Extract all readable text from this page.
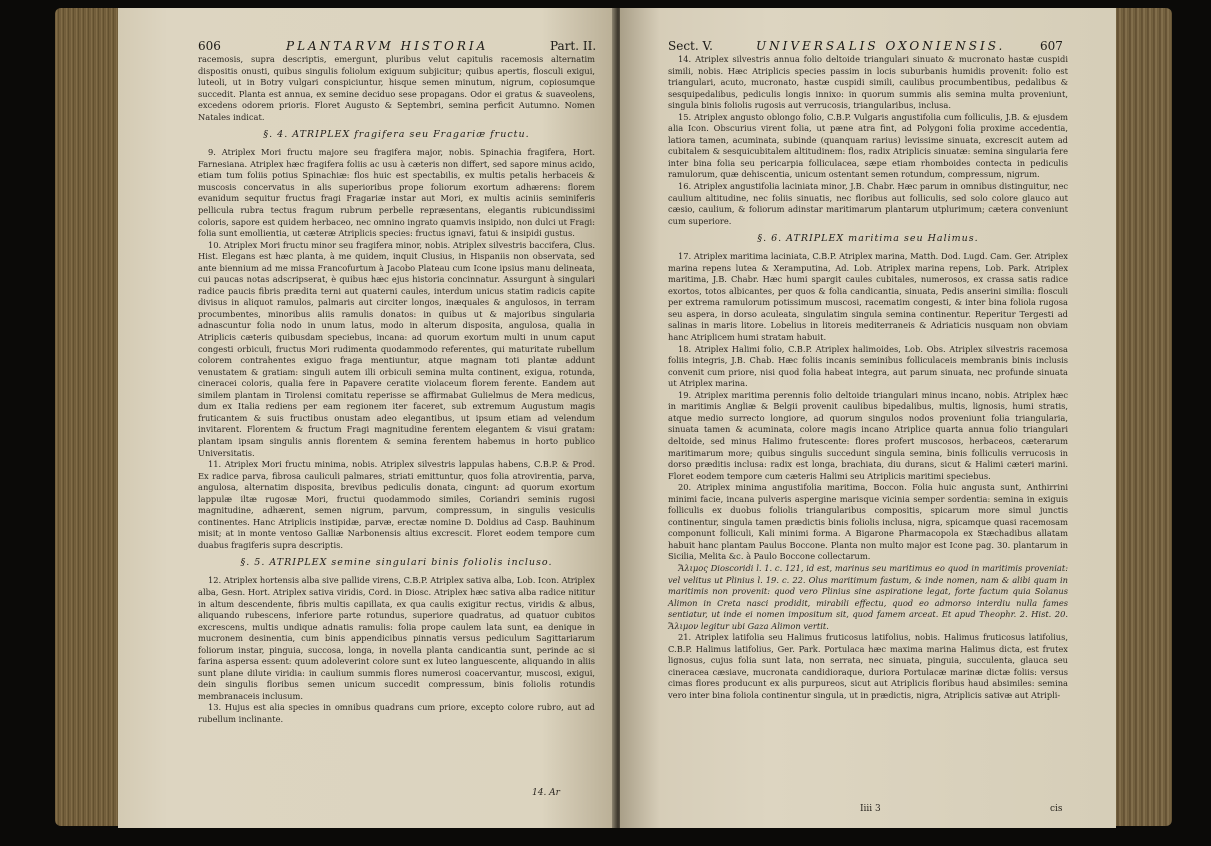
606	PLANTARVM HISTORIA	Part. II.

racemosis, supra descriptis, emergunt, pluribus velut capitulis racemosis alternatim dispositis onusti, quibus singulis foliolum exiguum subjicitur; quibus apertis, flosculi exigui, luteoli, ut in Botry vulgari conspiciuntur, hisque semen minutum, nigrum, copiosumque succedit. Planta est annua, ex semine deciduo sese propagans. Odor ei gratus & suaveolens, excedens odorem prioris. Floret Augusto & Septembri, semina perficit Autumno. Nomen Natales indicat.

§. 4. ATRIPLEX fragifera seu Fragariæ fructu.

9. Atriplex Mori fructu majore seu fragifera major, nobis. Spinachia fragifera, Hort. Farnesiana. Atriplex hæc fragifera foliis ac usu à cæteris non differt, sed sapore minus acido, etiam tum foliis potius Spinachiæ: flos huic est spectabilis, ex multis petalis herbaceis & muscosis concervatus in alis superioribus prope foliorum exortum adhærens: florem evanidum sequitur fructus fragi Fragariæ instar aut Mori, ex multis aciniis seminiferis pellicula rubra tectus fragum rubrum perbelle repræsentans, elegantis rubicundissimi coloris, sapore est quidem herbaceo, nec omnino ingrato quamvis insipido, non dulci ut Fragi: folia sunt emollientia, ut cæteræ Atriplicis species: fructus ignavi, fatui & insipidi gustus.

10. Atriplex Mori fructu minor seu fragifera minor, nobis. Atriplex silvestris baccifera, Clus. Hist. Elegans est hæc planta, à me quidem, inquit Clusius, in Hispaniis non observata, sed ante biennium ad me missa Francofurtum à Jacobo Plateau cum Icone ipsius manu delineata, cui paucas notas adscripserat, è quibus hæc ejus historia concinnatur. Assurgunt à singulari radice paucis fibris prædita terni aut quaterni caules, interdum unicus statim radicis capite divisus in aliquot ramulos, palmaris aut circiter longos, inæquales & angulosos, in terram procumbentes, minoribus aliis ramulis donatos: in quibus ut & majoribus singularia adnascuntur folia nodo in unum latus, modo in alterum disposita, angulosa, qualia in Atriplicis cæteris quibusdam speciebus, incana: ad quorum exortum multi in unum caput congesti orbiculi, fructus Mori rudimenta quodammodo referentes, qui maturitate rubellum colorem contrahentes exiguo fraga mentiuntur, atque magnam toti plantæ addunt venustatem & gratiam: singuli autem illi orbiculi semina multa continent, exigua, rotunda, cineracei coloris, qualia fere in Papavere ceratite violaceum florem ferente. Eandem aut similem plantam in Tirolensi comitatu reperisse se affirmabat Gulielmus de Mera medicus, dum ex Italia rediens per eam regionem iter faceret, sub extremum Augustum magis fruticantem & suis fructibus onustam adeo elegantibus, ut ipsum etiam ad velendum invitarent. Florentem & fructum Fragi magnitudine ferentem elegantem & visui gratam: plantam ipsam singulis annis florentem & semina ferentem habemus in horto publico Universitatis.

11. Atriplex Mori fructu minima, nobis. Atriplex silvestris lappulas habens, C.B.P. & Prod. Ex radice parva, fibrosa cauliculi palmares, striati emittuntur, quos folia atrovirentia, parva, angulosa, alternatim disposita, brevibus pediculis donata, cingunt: ad quorum exortum lappulæ iltæ rugosæ Mori, fructui quodammodo similes, Coriandri seminis rugosi magnitudine, adhærent, semen nigrum, parvum, compressum, in singulis vesiculis continentes. Hanc Atriplicis instipidæ, parvæ, erectæ nomine D. Doldius ad Casp. Bauhinum misit; at in monte ventoso Galliæ Narbonensis altius excrescit. Floret eodem tempore cum duabus fragiferis supra descriptis.

§. 5. ATRIPLEX semine singulari binis foliolis incluso.

12. Atriplex hortensis alba sive pallide virens, C.B.P. Atriplex sativa alba, Lob. Icon. Atriplex alba, Gesn. Hort. Atriplex sativa viridis, Cord. in Diosc. Atriplex hæc sativa alba radice nititur in altum descendente, fibris multis capillata, ex qua caulis exigitur rectus, viridis & albus, aliquando rubescens, inferiore parte rotundus, superiore quadratus, ad quatuor cubitos excrescens, multis undique adnatis ramulis: folia prope caulem lata sunt, ea denique in mucronem desinentia, cum binis appendicibus pinnatis versus pediculum Sagittariarum foliorum instar, pinguia, succosa, longa, in novella planta candicantia sunt, perinde ac si farina aspersa essent: quum adoleverint colore sunt ex luteo languescente, aliquando in aliis sunt plane dilute viridia: in caulium summis flores numerosi coacervantur, muscosi, exigui, dein singulis floribus semen unicum succedit compressum, binis foliolis rotundis membranaceis inclusum.

13. Hujus est alia species in omnibus quadrans cum priore, excepto colore rubro, aut ad rubellum inclinante.

14. Ar
Sect. V.	UNIVERSALIS OXONIENSIS.	607

14. Atriplex silvestris annua folio deltoide triangulari sinuato & mucronato hastæ cuspidi simili, nobis. Hæc Atriplicis species passim in locis suburbanis humidis provenit: folio est triangulari, acuto, mucronato, hastæ cuspidi simili, caulibus procumbentibus, pedalibus & sesquipedalibus, pediculis longis innixo: in quorum summis alis semina multa proveniunt, singula binis foliolis rugosis aut verrucosis, triangularibus, inclusa.

15. Atriplex angusto oblongo folio, C.B.P. Vulgaris angustifolia cum folliculis, J.B. & ejusdem alia Icon. Obscurius virent folia, ut pæne atra fint, ad Polygoni folia proxime accedentia, latiora tamen, acuminata, subinde (quanquam rarius) levissime sinuata, excrescit autem ad cubitalem & sesquicubitalem altitudinem: flos, radix Atriplicis sinuatæ: semina singularia fere inter bina folia seu pericarpia folliculacea, sæpe etiam rhomboides contecta in pediculis ramulorum, quæ dehiscentia, unicum ostentant semen rotundum, compressum, nigrum.

16. Atriplex angustifolia laciniata minor, J.B. Chabr. Hæc parum in omnibus distinguitur, nec caulium altitudine, nec foliis sinuatis, nec floribus aut folliculis, sed solo colore glauco aut cæsio, caulium, & foliorum adinstar maritimarum plantarum utplurimum; cætera conveniunt cum superiore.

§. 6. ATRIPLEX maritima seu Halimus.

17. Atriplex maritima laciniata, C.B.P. Atriplex marina, Matth. Dod. Lugd. Cam. Ger. Atriplex marina repens lutea & Xeramputina, Ad. Lob. Atriplex marina repens, Lob. Park. Atriplex maritima, J.B. Chabr. Hæc humi spargit caules cubitales, numerosos, ex crassa satis radice exortos, totos albicantes, per quos & folia candicantia, sinuata, Pedis anserini similia: flosculi per extrema ramulorum potissimum muscosi, racematim congesti, & inter bina foliola rugosa seu aspera, in dorso aculeata, singulatim singula semina continentur. Reperitur Tergesti ad salinas in maris litore. Lobelius in litoreis mediterraneis & Adriaticis nusquam non obviam hanc Atriplicem humi stratam habuit.

18. Atriplex Halimi folio, C.B.P. Atriplex halimoides, Lob. Obs. Atriplex silvestris racemosa foliis integris, J.B. Chab. Hæc foliis incanis seminibus folliculaceis membranis binis inclusis convenit cum priore, nisi quod folia habeat integra, aut parum sinuata, nec profunde sinuata ut Atriplex marina.

19. Atriplex maritima perennis folio deltoide triangulari minus incano, nobis. Atriplex hæc in maritimis Angliæ & Belgii provenit caulibus bipedalibus, multis, lignosis, humi stratis, atque medio surrecto longiore, ad quorum singulos nodos proveniunt folia triangularia, sinuata tamen & acuminata, colore magis incano Atriplice quarta annua folio triangulari deltoide, sed minus Halimo frutescente: flores profert muscosos, herbaceos, cæterarum maritimarum more; quibus singulis succedunt singula semina, binis folliculis verrucosis in dorso præditis inclusa: radix est longa, brachiata, diu durans, sicut & Halimi cæteri marini. Floret eodem tempore cum cæteris Halimi seu Atriplicis maritimi speciebus.

20. Atriplex minima angustifolia maritima, Boccon. Folia huic angusta sunt, Anthirrini minimi facie, incana pulveris aspergine marisque vicinia semper sordentia: semina in exiguis folliculis ex duobus foliolis triangularibus compositis, spicarum more simul junctis continentur, singula tamen prædictis binis foliolis inclusa, nigra, spicamque quasi racemosam componunt folliculi, Kali minimi forma. A Bigarone Pharmacopola ex Stæchadibus allatam habuit hanc plantam Paulus Boccone. Planta non multo major est Icone pag. 30. plantarum in Sicilia, Melita &c. à Paulo Boccone collectarum.

Ἅλιμος Dioscoridi l. 1. c. 121, id est, marinus seu maritimus eo quod in maritimis proveniat: vel velitus ut Plinius l. 19. c. 22. Olus maritimum fastum, & inde nomen, nam & alibi quam in maritimis non provenit: quod vero Plinius sine aspiratione legat, forte factum quia Solanus Alimon in Creta nasci prodidit, mirabili effectu, quod eo admorso interdiu nulla fames sentiatur, ut inde ei nomen impositum sit, quod famem arceat. Et apud Theophr. 2. Hist. 20. Ἅλιμον legitur ubi Gaza Alimon vertit.

21. Atriplex latifolia seu Halimus fruticosus latifolius, nobis. Halimus fruticosus latifolius, C.B.P. Halimus latifolius, Ger. Park. Portulaca hæc maxima marina Halimus dicta, est frutex lignosus, cujus folia sunt lata, non serrata, nec sinuata, pinguia, succulenta, glauca seu cineracea cæsiave, mucronata candidioraque, duriora Portulacæ marinæ dictæ foliis: versus cimas flores producunt ex alis purpureos, sicut aut Atriplicis floribus haud absimiles: semina vero inter bina foliola continentur singula, ut in prædictis, nigra, Atriplicis sativæ aut Atripli-

Iiii 3	cis
